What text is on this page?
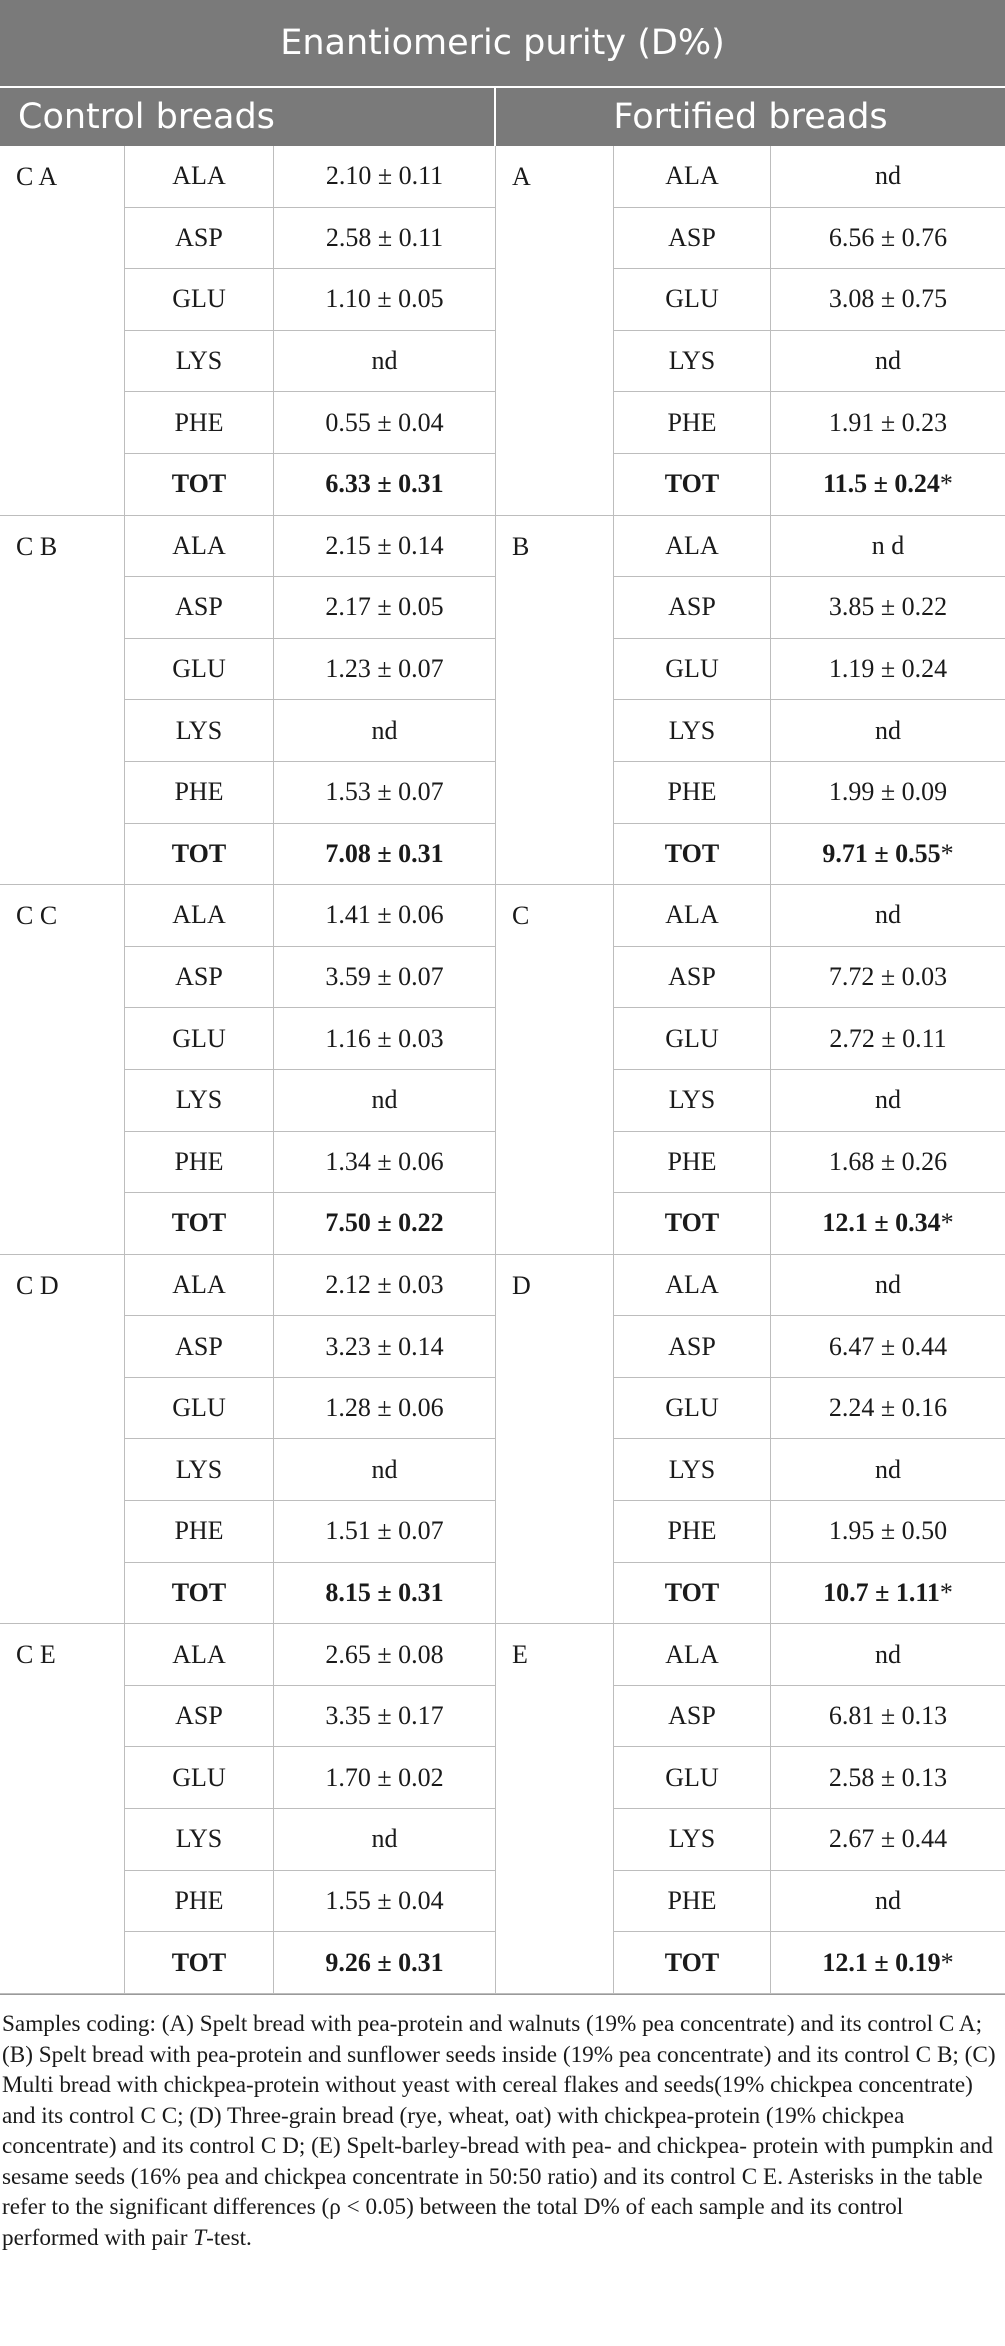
Enantiomeric purity (D%)
Control breads	Fortified breads
C A	ALA	2.10 ± 0.11	A	ALA	nd
ASP	2.58 ± 0.11	ASP	6.56 ± 0.76
GLU	1.10 ± 0.05	GLU	3.08 ± 0.75
LYS	nd	LYS	nd
PHE	0.55 ± 0.04	PHE	1.91 ± 0.23
TOT	6.33 ± 0.31	TOT	11.5 ± 0.24 *
C B	ALA	2.15 ± 0.14	B	ALA	n d
ASP	2.17 ± 0.05	ASP	3.85 ± 0.22
GLU	1.23 ± 0.07	GLU	1.19 ± 0.24
LYS	nd	LYS	nd
PHE	1.53 ± 0.07	PHE	1.99 ± 0.09
TOT	7.08 ± 0.31	TOT	9.71 ± 0.55 *
C C	ALA	1.41 ± 0.06	C	ALA	nd
ASP	3.59 ± 0.07	ASP	7.72 ± 0.03
GLU	1.16 ± 0.03	GLU	2.72 ± 0.11
LYS	nd	LYS	nd
PHE	1.34 ± 0.06	PHE	1.68 ± 0.26
TOT	7.50 ± 0.22	TOT	12.1 ± 0.34 *
C D	ALA	2.12 ± 0.03	D	ALA	nd
ASP	3.23 ± 0.14	ASP	6.47 ± 0.44
GLU	1.28 ± 0.06	GLU	2.24 ± 0.16
LYS	nd	LYS	nd
PHE	1.51 ± 0.07	PHE	1.95 ± 0.50
TOT	8.15 ± 0.31	TOT	10.7 ± 1.11 *
C E	ALA	2.65 ± 0.08	E	ALA	nd
ASP	3.35 ± 0.17	ASP	6.81 ± 0.13
GLU	1.70 ± 0.02	GLU	2.58 ± 0.13
LYS	nd	LYS	2.67 ± 0.44
PHE	1.55 ± 0.04	PHE	nd
TOT	9.26 ± 0.31	TOT	12.1 ± 0.19 *

Samples coding: (A) Spelt bread with pea-protein and walnuts (19% pea concentrate) and its control C A; (B) Spelt bread with pea-protein and sunflower seeds inside (19% pea concentrate) and its control C B; (C) Multi bread with chickpea-protein without yeast with cereal flakes and seeds(19% chickpea concentrate) and its control C C; (D) Three-grain bread (rye, wheat, oat) with chickpea-protein (19% chickpea concentrate) and its control C D; (E) Spelt-barley-bread with pea- and chickpea- protein with pumpkin and sesame seeds (16% pea and chickpea concentrate in 50:50 ratio) and its control C E. Asterisks in the table refer to the significant differences (ρ < 0.05) between the total D% of each sample and its control performed with pair T-test.
